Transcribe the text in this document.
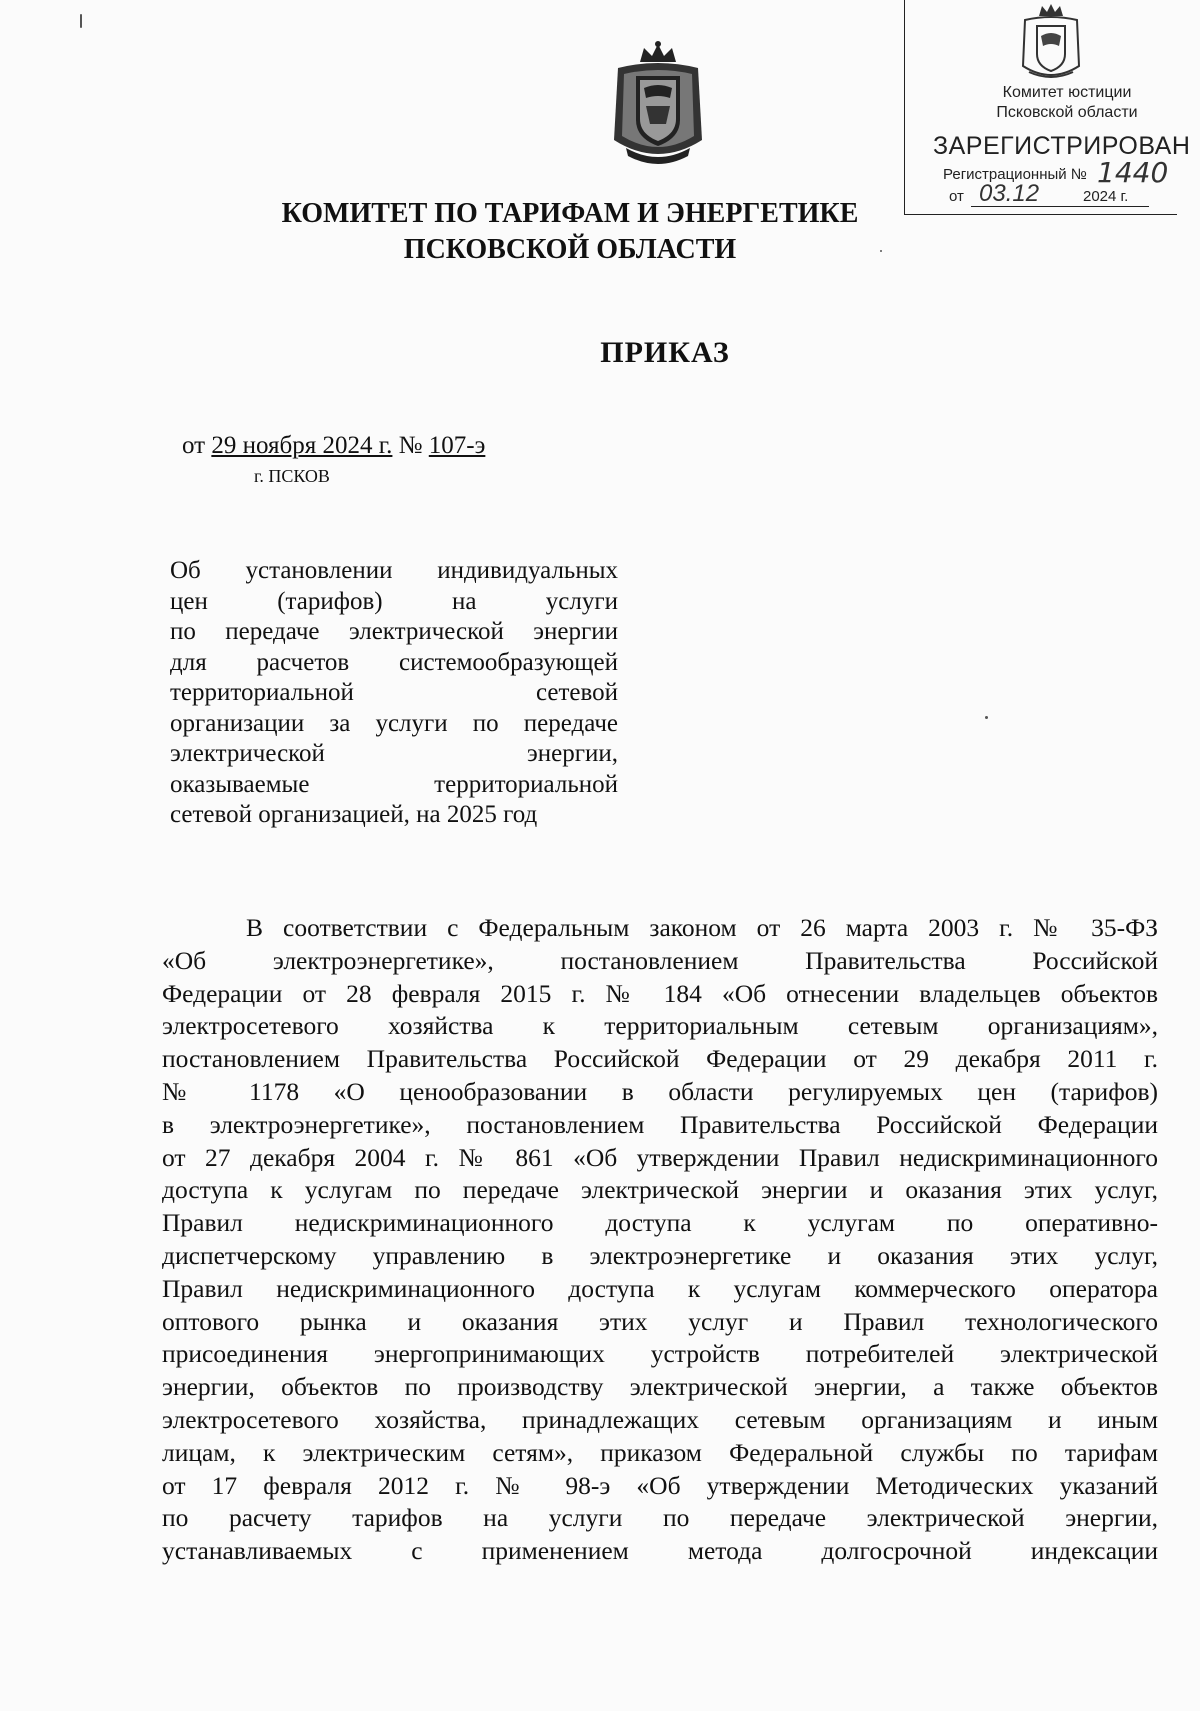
Комитет юстиции
Псковской области
ЗАРЕГИСТРИРОВАН
Регистрационный № 1440
от 03.12	2024 г.
КОМИТЕТ ПО ТАРИФАМ И ЭНЕРГЕТИКЕ
ПСКОВСКОЙ ОБЛАСТИ
ПРИКАЗ
от 29 ноября 2024 г. № 107-э
г. ПСКОВ
Об установлении индивидуальных
цен (тарифов) на услуги
по передаче электрической энергии
для расчетов системообразующей
территориальной сетевой
организации за услуги по передаче
электрической энергии,
оказываемые территориальной
сетевой организацией, на 2025 год
В соответствии с Федеральным законом от 26 марта 2003 г. № 35-ФЗ
«Об электроэнергетике», постановлением Правительства Российской
Федерации от 28 февраля 2015 г. № 184 «Об отнесении владельцев объектов
электросетевого хозяйства к территориальным сетевым организациям»,
постановлением Правительства Российской Федерации от 29 декабря 2011 г.
№ 1178 «О ценообразовании в области регулируемых цен (тарифов)
в электроэнергетике», постановлением Правительства Российской Федерации
от 27 декабря 2004 г. № 861 «Об утверждении Правил недискриминационного
доступа к услугам по передаче электрической энергии и оказания этих услуг,
Правил недискриминационного доступа к услугам по оперативно-
диспетчерскому управлению в электроэнергетике и оказания этих услуг,
Правил недискриминационного доступа к услугам коммерческого оператора
оптового рынка и оказания этих услуг и Правил технологического
присоединения энергопринимающих устройств потребителей электрической
энергии, объектов по производству электрической энергии, а также объектов
электросетевого хозяйства, принадлежащих сетевым организациям и иным
лицам, к электрическим сетям», приказом Федеральной службы по тарифам
от 17 февраля 2012 г. № 98-э «Об утверждении Методических указаний
по расчету тарифов на услуги по передаче электрической энергии,
устанавливаемых с применением метода долгосрочной индексации
